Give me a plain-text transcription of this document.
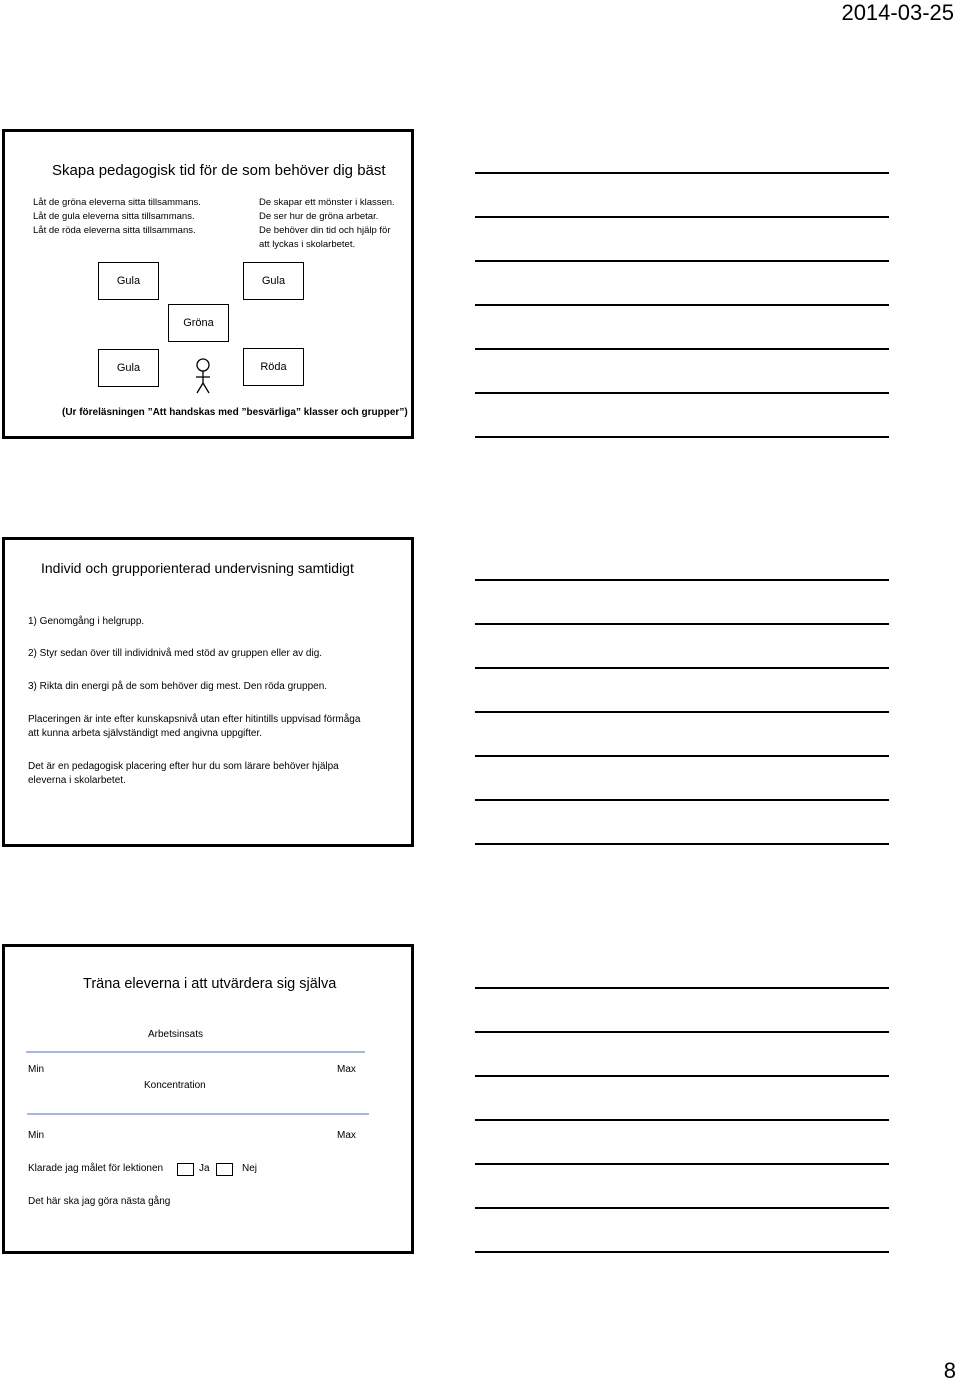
2014-03-25
Skapa pedagogisk tid för de som behöver dig bäst
Låt de gröna eleverna sitta tillsammans.
Låt de gula eleverna sitta tillsammans.
Låt de röda eleverna sitta tillsammans.
De skapar ett mönster i klassen.
De ser hur de gröna arbetar.
De behöver din tid och hjälp för
att lyckas i skolarbetet.
Gula	Gula
Gröna
Gula	Röda
(Ur föreläsningen ”Att handskas med ”besvärliga” klasser och grupper”)
Individ och grupporienterad undervisning samtidigt
1) Genomgång i helgrupp.
2) Styr sedan över till individnivå med stöd av gruppen eller av dig.
3) Rikta din energi på de som behöver dig mest. Den röda gruppen.
Placeringen är inte efter kunskapsnivå utan efter hitintills uppvisad förmåga
att kunna arbeta självständigt med angivna uppgifter.
Det är en pedagogisk placering efter hur du som lärare behöver hjälpa
eleverna i skolarbetet.
Träna eleverna i att utvärdera sig själva
Arbetsinsats
Min	Max
Koncentration
Min	Max
Klarade jag målet för lektionen	Ja	Nej
Det här ska jag göra nästa gång
8
